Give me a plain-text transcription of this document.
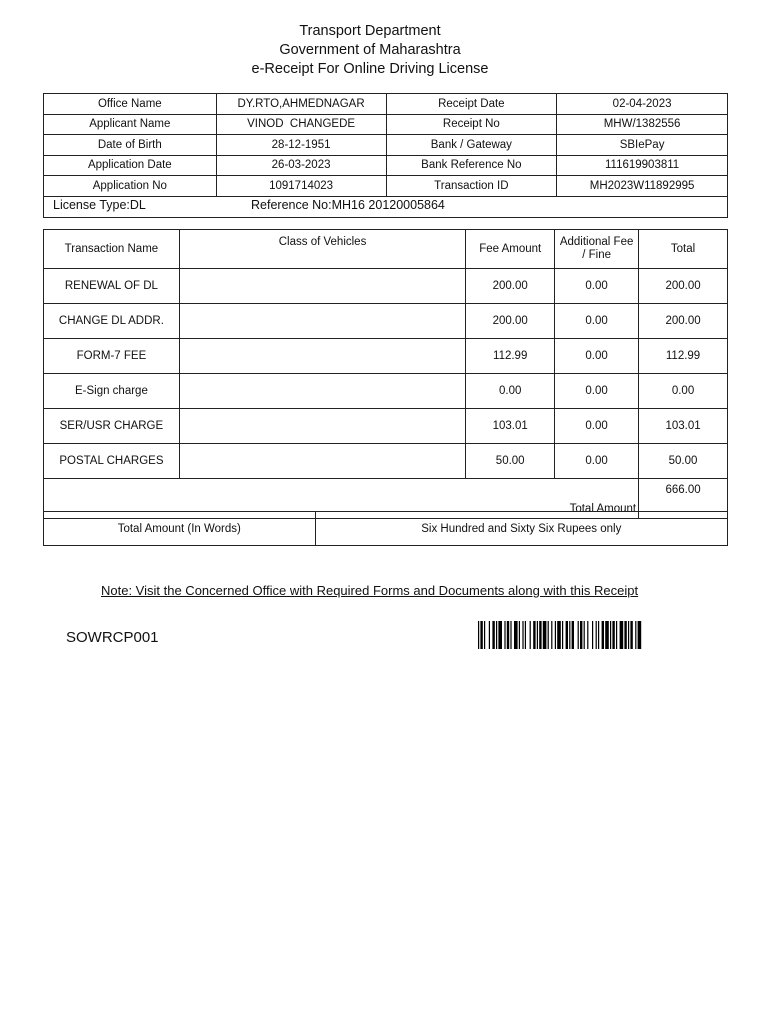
Transport Department
Government of Maharashtra
e-Receipt For Online Driving License
Office Name	DY.RTO,AHMEDNAGAR	Receipt Date	02-04-2023
Applicant Name	VINOD  CHANGEDE	Receipt No	MHW/1382556
Date of Birth	28-12-1951	Bank / Gateway	SBIePay
Application Date	26-03-2023	Bank Reference No	111619903811
Application No	1091714023	Transaction ID	MH2023W11892995
License Type:DL	Reference No:MH16 20120005864
Transaction Name	Class of Vehicles	Fee Amount	Additional Fee / Fine	Total
RENEWAL OF DL		200.00	0.00	200.00
CHANGE DL ADDR.		200.00	0.00	200.00
FORM-7 FEE		112.99	0.00	112.99
E-Sign charge		0.00	0.00	0.00
SER/USR CHARGE		103.01	0.00	103.01
POSTAL CHARGES		50.00	0.00	50.00
Total Amount				666.00
Total Amount (In Words)	Six Hundred and Sixty Six Rupees only
Note: Visit the Concerned Office with Required Forms and Documents along with this Receipt
SOWRCP001
